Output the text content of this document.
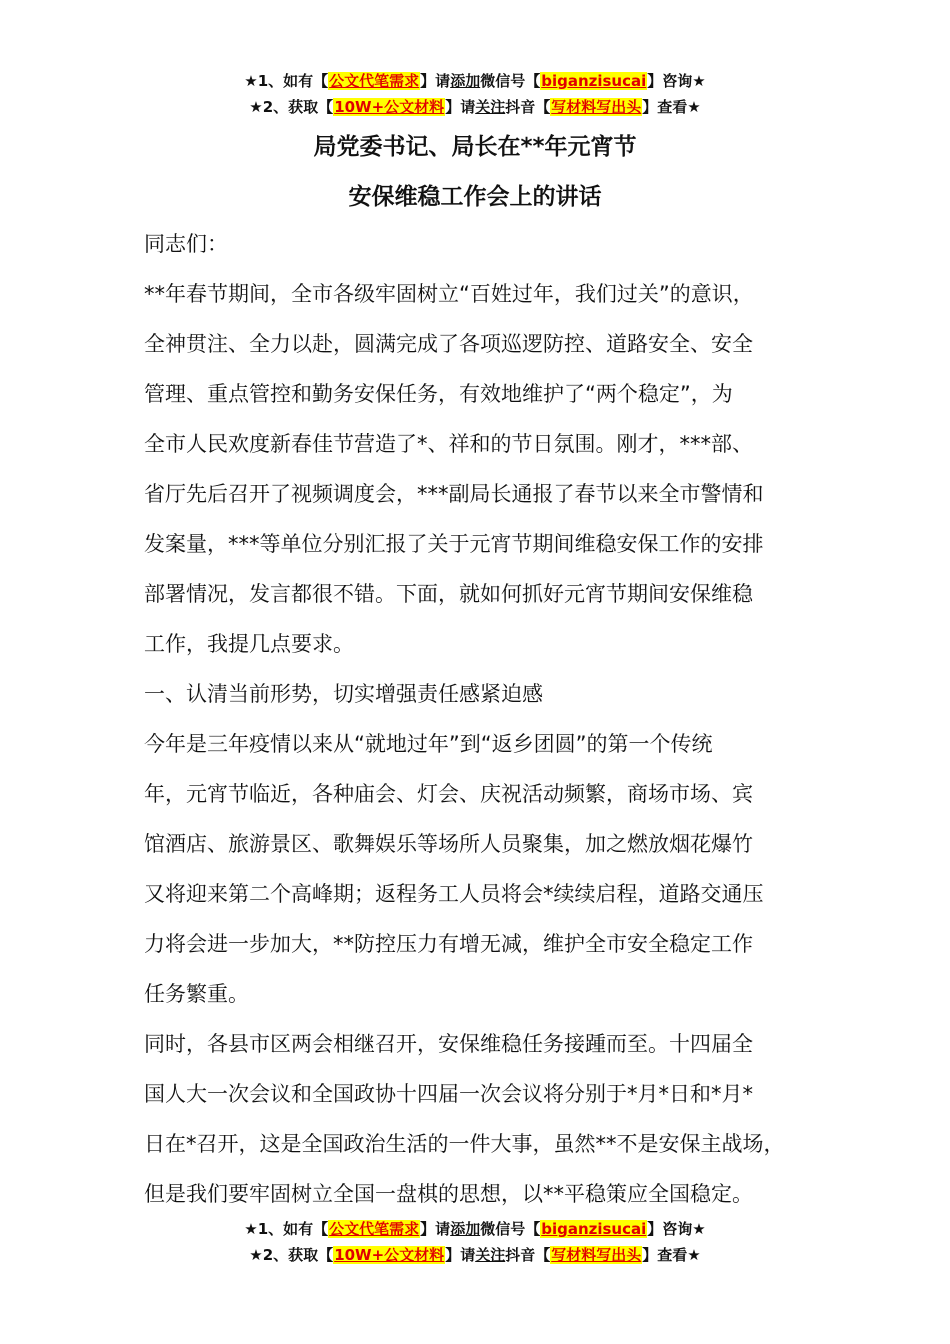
★1、如有【公文代笔需求】请添加微信号【biganzisucai】咨询★
★2、获取【10W+公文材料】请关注抖音【写材料写出头】查看★
局党委书记、局长在**年元宵节
安保维稳工作会上的讲话
同志们：
**年春节期间，全市各级牢固树立“百姓过年，我们过关”的意识，
全神贯注、全力以赴，圆满完成了各项巡逻防控、道路安全、安全
管理、重点管控和勤务安保任务，有效地维护了“两个稳定”，为
全市人民欢度新春佳节营造了*、祥和的节日氛围。刚才，***部、
省厅先后召开了视频调度会，***副局长通报了春节以来全市警情和
发案量，***等单位分别汇报了关于元宵节期间维稳安保工作的安排
部署情况，发言都很不错。下面，就如何抓好元宵节期间安保维稳
工作，我提几点要求。
一、认清当前形势，切实增强责任感紧迫感
今年是三年疫情以来从“就地过年”到“返乡团圆”的第一个传统
年，元宵节临近，各种庙会、灯会、庆祝活动频繁，商场市场、宾
馆酒店、旅游景区、歌舞娱乐等场所人员聚集，加之燃放烟花爆竹
又将迎来第二个高峰期；返程务工人员将会*续续启程，道路交通压
力将会进一步加大，**防控压力有增无减，维护全市安全稳定工作
任务繁重。
同时，各县市区两会相继召开，安保维稳任务接踵而至。十四届全
国人大一次会议和全国政协十四届一次会议将分别于*月*日和*月*
日在*召开，这是全国政治生活的一件大事，虽然**不是安保主战场，
但是我们要牢固树立全国一盘棋的思想，以**平稳策应全国稳定。
★1、如有【公文代笔需求】请添加微信号【biganzisucai】咨询★
★2、获取【10W+公文材料】请关注抖音【写材料写出头】查看★
